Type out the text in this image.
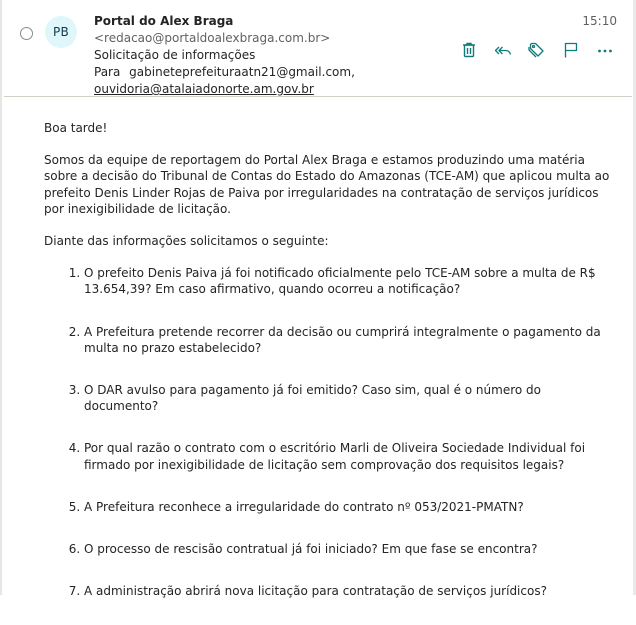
PB
Portal do Alex Braga <redacao@portaldoalexbraga.com.br>
Solicitação de informações
Para gabineteprefeituraatn21@gmail.com,
ouvidoria@atalaiadonorte.am.gov.br
15:10

Boa tarde!

Somos da equipe de reportagem do Portal Alex Braga e estamos produzindo uma matéria sobre a decisão do Tribunal de Contas do Estado do Amazonas (TCE-AM) que aplicou multa ao prefeito Denis Linder Rojas de Paiva por irregularidades na contratação de serviços jurídicos por inexigibilidade de licitação.

Diante das informações solicitamos o seguinte:

1. O prefeito Denis Paiva já foi notificado oficialmente pelo TCE-AM sobre a multa de R$ 13.654,39? Em caso afirmativo, quando ocorreu a notificação?
2. A Prefeitura pretende recorrer da decisão ou cumprirá integralmente o pagamento da multa no prazo estabelecido?
3. O DAR avulso para pagamento já foi emitido? Caso sim, qual é o número do documento?
4. Por qual razão o contrato com o escritório Marli de Oliveira Sociedade Individual foi firmado por inexigibilidade de licitação sem comprovação dos requisitos legais?
5. A Prefeitura reconhece a irregularidade do contrato nº 053/2021-PMATN?
6. O processo de rescisão contratual já foi iniciado? Em que fase se encontra?
7. A administração abrirá nova licitação para contratação de serviços jurídicos?
